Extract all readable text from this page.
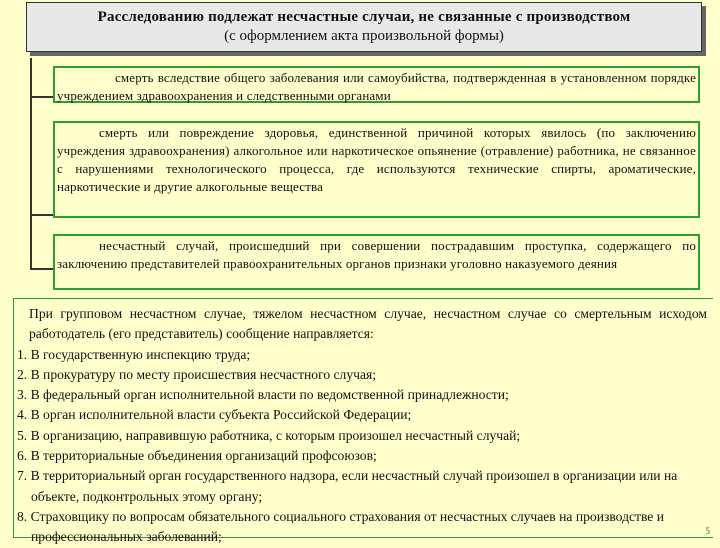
Расследованию подлежат несчастные случаи, не связанные с производством
(с оформлением акта произвольной формы)
смерть вследствие общего заболевания или самоубийства, подтвержденная в установленном порядке учреждением здравоохранения и следственными органами
смерть или повреждение здоровья, единственной причиной которых явилось (по заключению учреждения здравоохранения) алкогольное или наркотическое опьянение (отравление) работника, не связанное с нарушениями технологического процесса, где используются технические спирты, ароматические, наркотические и другие алкогольные вещества
несчастный случай, происшедший при совершении пострадавшим проступка, содержащего по заключению представителей правоохранительных органов признаки уголовно наказуемого деяния
При групповом несчастном случае, тяжелом несчастном случае, несчастном случае со смертельным исходом работодатель (его представитель) сообщение направляется:
1. В государственную инспекцию труда;
2. В прокуратуру по месту происшествия несчастного случая;
3. В федеральный орган исполнительной власти по ведомственной принадлежности;
4. В орган исполнительной власти субъекта Российской Федерации;
5. В организацию, направившую работника, с которым произошел несчастный случай;
6. В территориальные объединения организаций профсоюзов;
7. В территориальный орган государственного надзора, если несчастный случай произошел в организации или на объекте, подконтрольных этому органу;
8. Страховщику по вопросам обязательного социального страхования от несчастных случаев на производстве и профессиональных заболеваний;	5
